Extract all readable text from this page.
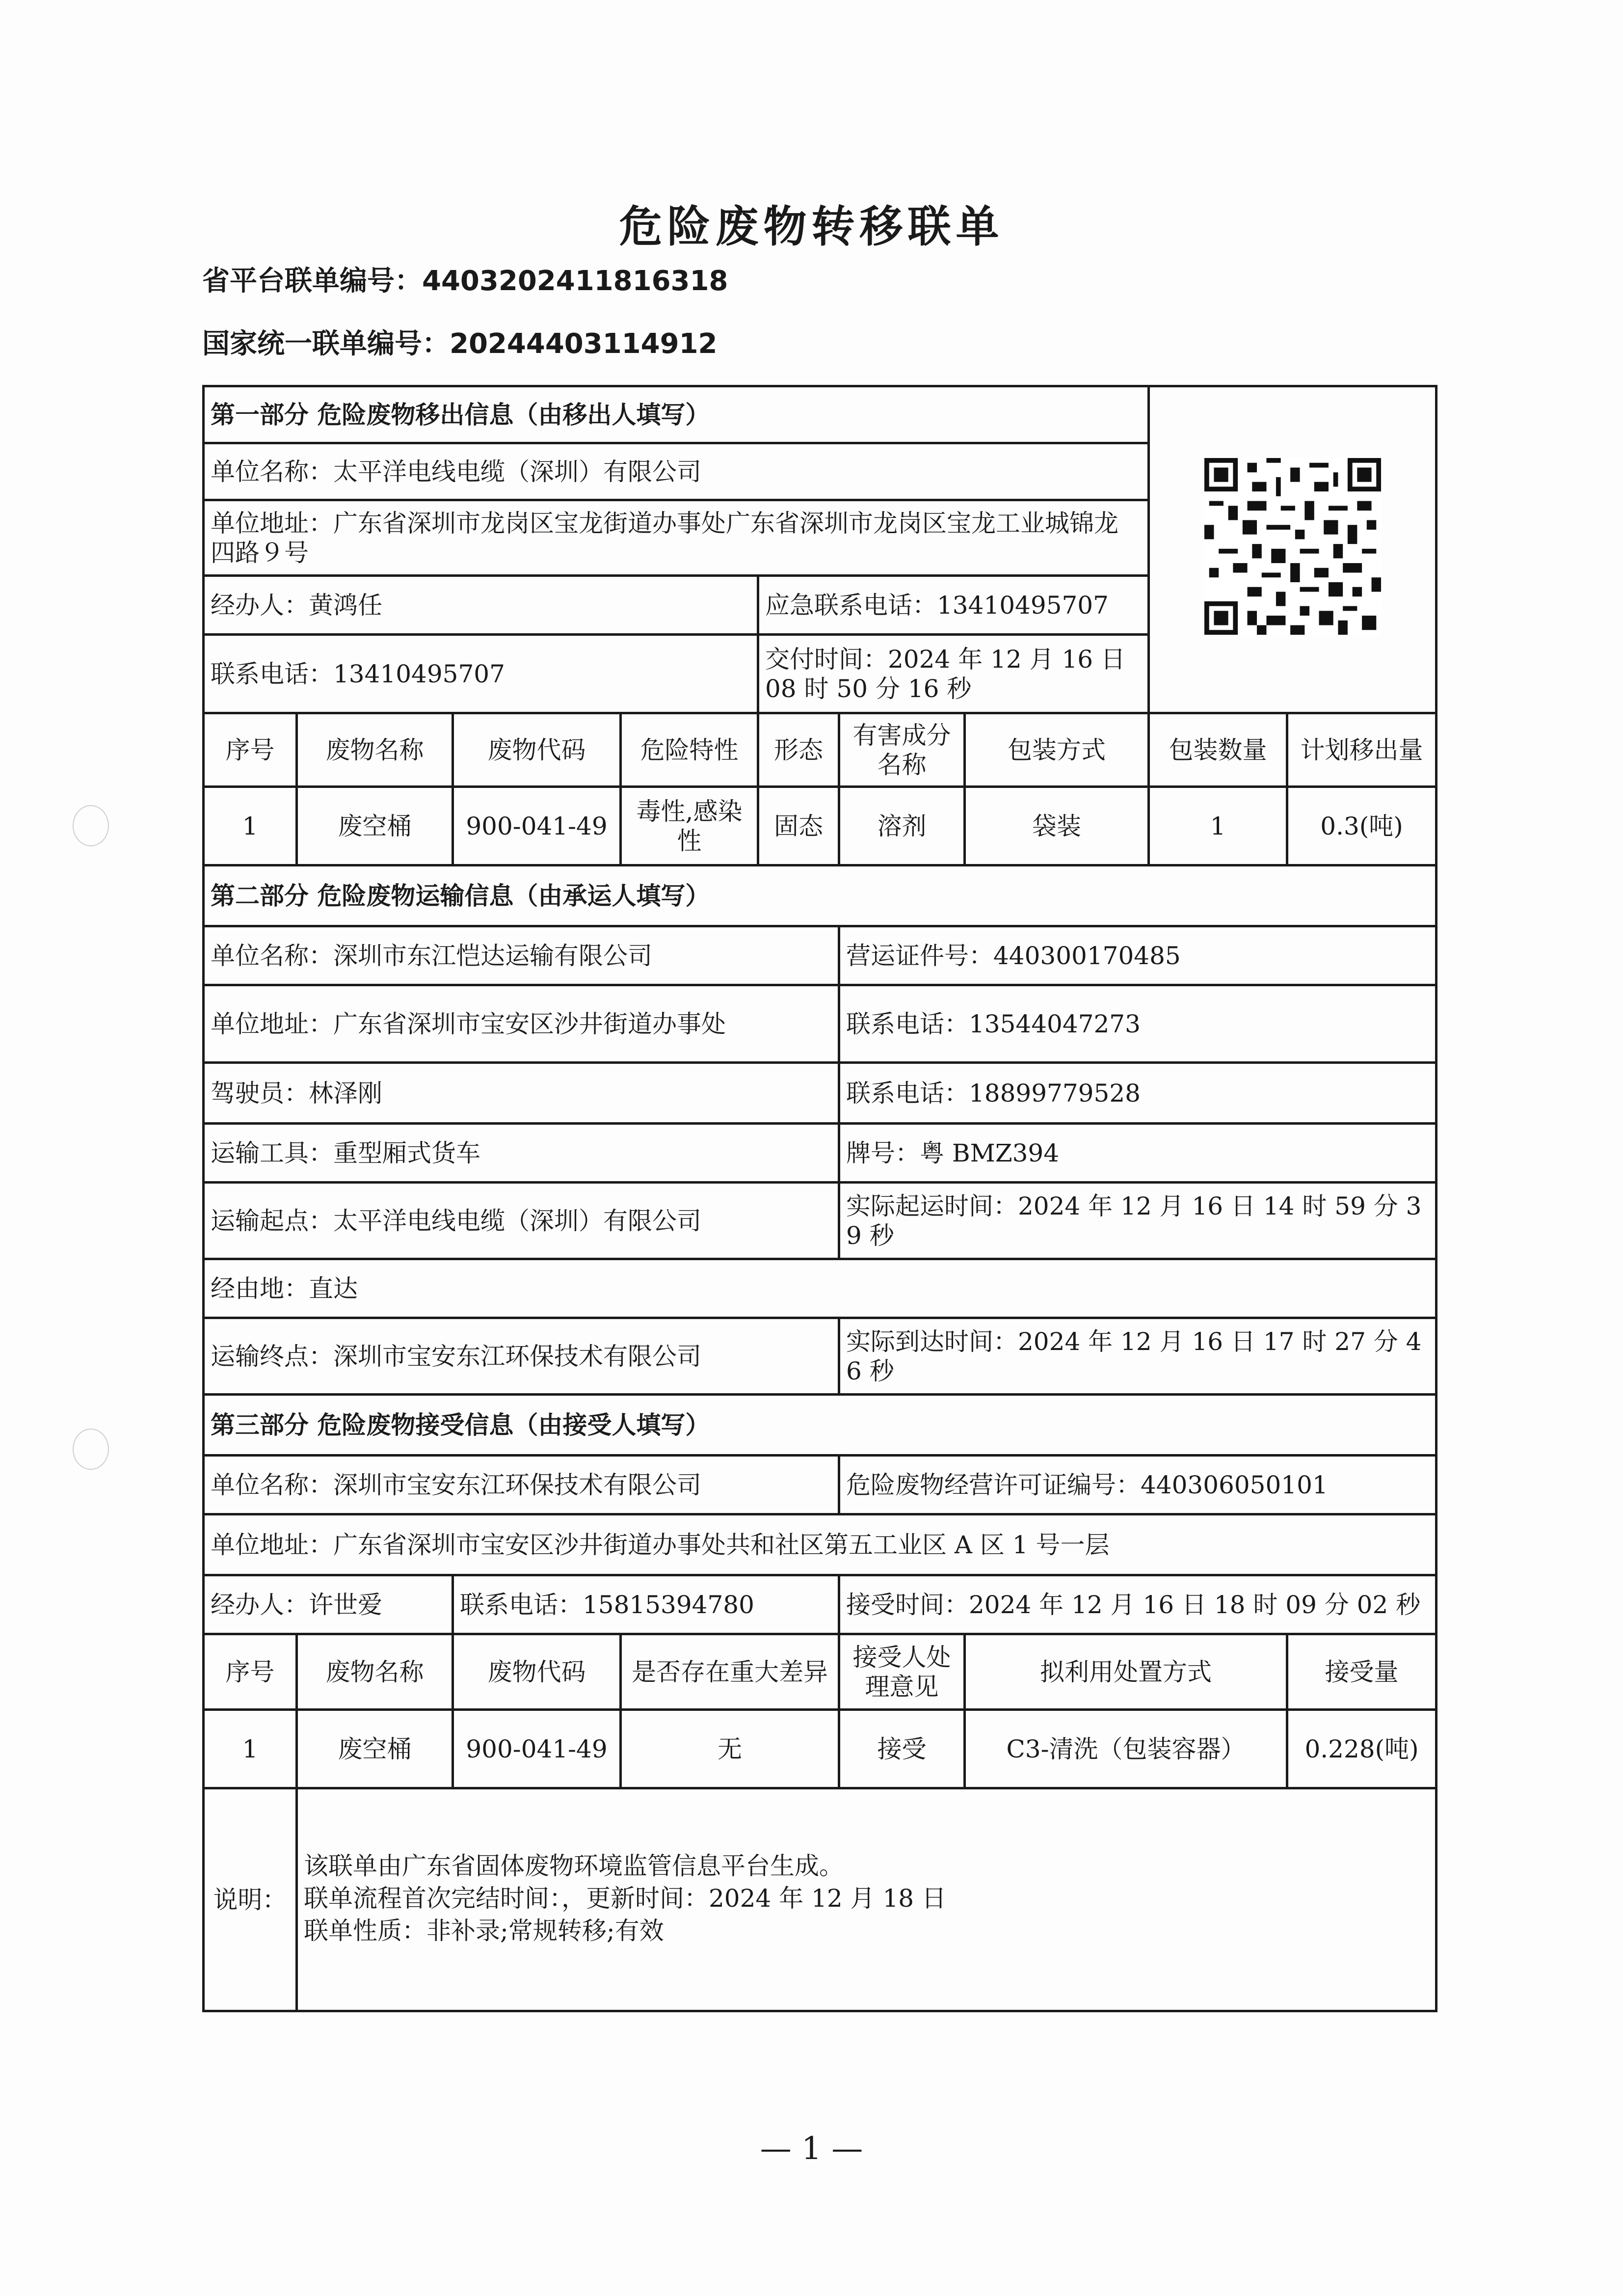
危险废物转移联单

省平台联单编号：4403202411816318

国家统一联单编号：20244403114912

第一部分 危险废物移出信息（由移出人填写）	
单位名称：太平洋电线电缆（深圳）有限公司								
单位地址：广东省深圳市龙岗区宝龙街道办事处广东省深圳市龙岗区宝龙工业城锦龙四路９号								
经办人：黄鸿任				应急联系电话：13410495707				
联系电话：13410495707				交付时间：2024 年 12 月 16 日 08 时 50 分 16 秒				
序号	废物名称	废物代码	危险特性	形态	有害成分名称	包装方式	包装数量	计划移出量
1	废空桶	900-041-49	毒性,感染性	固态	溶剂	袋装	1	0.3(吨)
第二部分 危险废物运输信息（由承运人填写）								
单位名称：深圳市东江恺达运输有限公司					营运证件号：440300170485			
单位地址：广东省深圳市宝安区沙井街道办事处					联系电话：13544047273			
驾驶员：林泽刚					联系电话：18899779528			
运输工具：重型厢式货车					牌号：粤 BMZ394			
运输起点：太平洋电线电缆（深圳）有限公司					实际起运时间：2024 年 12 月 16 日 14 时 59 分 39 秒			
经由地：直达								
运输终点：深圳市宝安东江环保技术有限公司					实际到达时间：2024 年 12 月 16 日 17 时 27 分 46 秒			
第三部分 危险废物接受信息（由接受人填写）								
单位名称：深圳市宝安东江环保技术有限公司					危险废物经营许可证编号：440306050101			
单位地址：广东省深圳市宝安区沙井街道办事处共和社区第五工业区 A 区 1 号一层								
经办人：许世爱		联系电话：15815394780			接受时间：2024 年 12 月 16 日 18 时 09 分 02 秒			
序号	废物名称	废物代码	是否存在重大差异		接受人处理意见	拟利用处置方式		接受量
1	废空桶	900-041-49	无		接受	C3-清洗（包装容器）		0.228(吨)
说明：	该联单由广东省固体废物环境监管信息平台生成。
联单流程首次完结时间：，更新时间：2024 年 12 月 18 日
联单性质：非补录;常规转移;有效							

— 1 —
